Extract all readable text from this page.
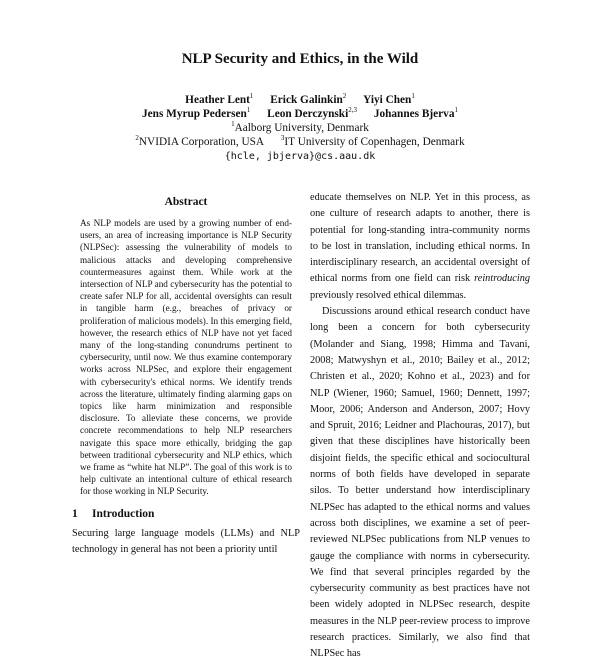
NLP Security and Ethics, in the Wild
Heather Lent$^1$ Erick Galinkin$^2$ Yiyi Chen$^1$
Jens Myrup Pedersen$^1$ Leon Derczynski$^{2,3}$ Johannes Bjerva$^1$
$^1$Aalborg University, Denmark
$^2$NVIDIA Corporation, USA $^3$IT University of Copenhagen, Denmark
{hcle, jbjerva}@cs.aau.dk
Abstract
As NLP models are used by a growing number of end-users, an area of increasing importance is NLP Security (NLPSec): assessing the vulnerability of models to malicious attacks and developing comprehensive countermeasures against them. While work at the intersection of NLP and cybersecurity has the potential to create safer NLP for all, accidental oversights can result in tangible harm (e.g., breaches of privacy or proliferation of malicious models). In this emerging field, however, the research ethics of NLP have not yet faced many of the long-standing conundrums pertinent to cybersecurity, until now. We thus examine contemporary works across NLPSec, and explore their engagement with cybersecurity's ethical norms. We identify trends across the literature, ultimately finding alarming gaps on topics like harm minimization and responsible disclosure. To alleviate these concerns, we provide concrete recommendations to help NLP researchers navigate this space more ethically, bridging the gap between traditional cybersecurity and NLP ethics, which we frame as “white hat NLP”. The goal of this work is to help cultivate an intentional culture of ethical research for those working in NLP Security.
1 Introduction
Securing large language models (LLMs) and NLP technology in general has not been a priority until

educate themselves on NLP. Yet in this process, as one culture of research adapts to another, there is potential for long-standing intra-community norms to be lost in translation, including ethical norms. In interdisciplinary research, an accidental oversight of ethical norms from one field can risk reintroducing previously resolved ethical dilemmas.

Discussions around ethical research conduct have long been a concern for both cybersecurity (Molander and Siang, 1998; Himma and Tavani, 2008; Matwyshyn et al., 2010; Bailey et al., 2012; Christen et al., 2020; Kohno et al., 2023) and for NLP (Wiener, 1960; Samuel, 1960; Dennett, 1997; Moor, 2006; Anderson and Anderson, 2007; Hovy and Spruit, 2016; Leidner and Plachouras, 2017), but given that these disciplines have historically been disjoint fields, the specific ethical and sociocultural norms of both fields have developed in separate silos. To better understand how interdisciplinary NLPSec has adapted to the ethical norms and values across both disciplines, we examine a set of peer-reviewed NLPSec publications from NLP venues to gauge the compliance with norms in cybersecurity. We find that several principles regarded by the cybersecurity community as best practices have not been widely adopted in NLPSec research, despite measures in the NLP peer-review process to improve research practices. Similarly, we also find that NLPSec has
